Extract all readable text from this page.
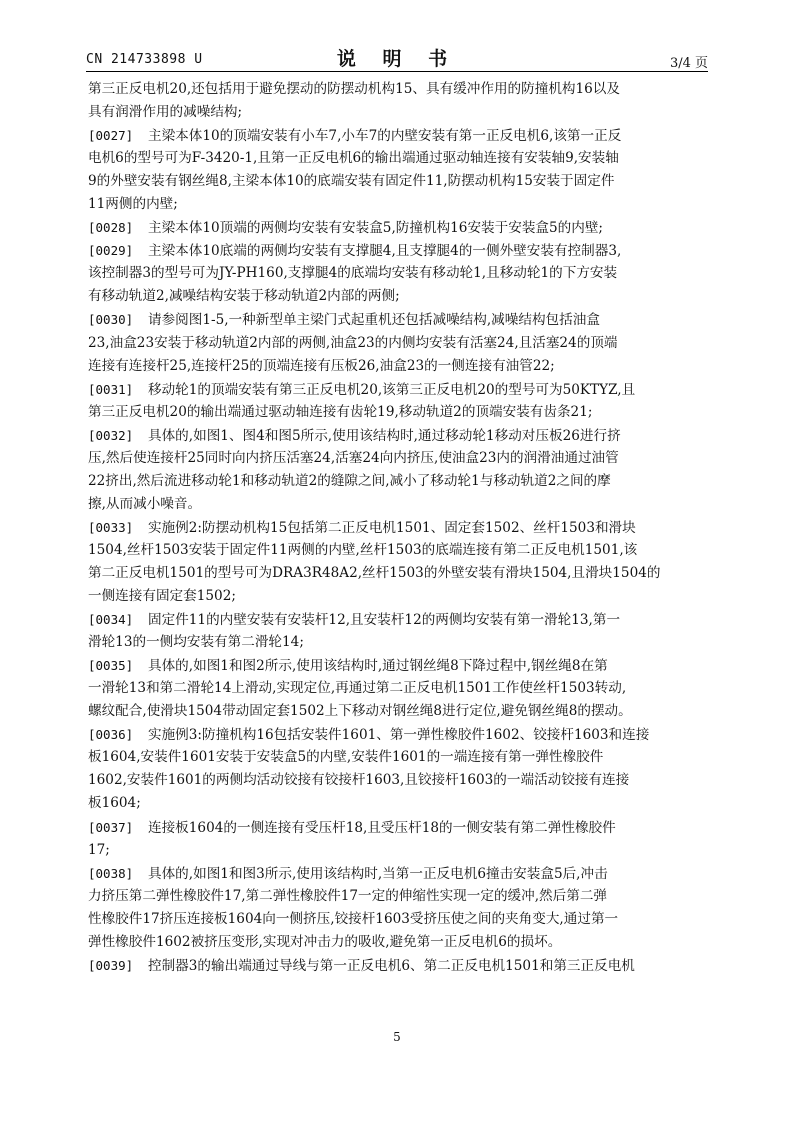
CN 214733898 U	说 明 书	3/4 页
第三正反电机20,还包括用于避免摆动的防摆动机构15、具有缓冲作用的防撞机构16以及
具有润滑作用的减噪结构;
[0027] 主梁本体10的顶端安装有小车7,小车7的内壁安装有第一正反电机6,该第一正反
电机6的型号可为F-3420-1,且第一正反电机6的输出端通过驱动轴连接有安装轴9,安装轴
9的外壁安装有钢丝绳8,主梁本体10的底端安装有固定件11,防摆动机构15安装于固定件
11两侧的内壁;
[0028] 主梁本体10顶端的两侧均安装有安装盒5,防撞机构16安装于安装盒5的内壁;
[0029] 主梁本体10底端的两侧均安装有支撑腿4,且支撑腿4的一侧外壁安装有控制器3,
该控制器3的型号可为JY-PH160,支撑腿4的底端均安装有移动轮1,且移动轮1的下方安装
有移动轨道2,减噪结构安装于移动轨道2内部的两侧;
[0030] 请参阅图1-5,一种新型单主梁门式起重机还包括减噪结构,减噪结构包括油盒
23,油盒23安装于移动轨道2内部的两侧,油盒23的内侧均安装有活塞24,且活塞24的顶端
连接有连接杆25,连接杆25的顶端连接有压板26,油盒23的一侧连接有油管22;
[0031] 移动轮1的顶端安装有第三正反电机20,该第三正反电机20的型号可为50KTYZ,且
第三正反电机20的输出端通过驱动轴连接有齿轮19,移动轨道2的顶端安装有齿条21;
[0032] 具体的,如图1、图4和图5所示,使用该结构时,通过移动轮1移动对压板26进行挤
压,然后使连接杆25同时向内挤压活塞24,活塞24向内挤压,使油盒23内的润滑油通过油管
22挤出,然后流进移动轮1和移动轨道2的缝隙之间,减小了移动轮1与移动轨道2之间的摩
擦,从而减小噪音。
[0033] 实施例2:防摆动机构15包括第二正反电机1501、固定套1502、丝杆1503和滑块
1504,丝杆1503安装于固定件11两侧的内壁,丝杆1503的底端连接有第二正反电机1501,该
第二正反电机1501的型号可为DRA3R48A2,丝杆1503的外壁安装有滑块1504,且滑块1504的
一侧连接有固定套1502;
[0034] 固定件11的内壁安装有安装杆12,且安装杆12的两侧均安装有第一滑轮13,第一
滑轮13的一侧均安装有第二滑轮14;
[0035] 具体的,如图1和图2所示,使用该结构时,通过钢丝绳8下降过程中,钢丝绳8在第
一滑轮13和第二滑轮14上滑动,实现定位,再通过第二正反电机1501工作使丝杆1503转动,
螺纹配合,使滑块1504带动固定套1502上下移动对钢丝绳8进行定位,避免钢丝绳8的摆动。
[0036] 实施例3:防撞机构16包括安装件1601、第一弹性橡胶件1602、铰接杆1603和连接
板1604,安装件1601安装于安装盒5的内壁,安装件1601的一端连接有第一弹性橡胶件
1602,安装件1601的两侧均活动铰接有铰接杆1603,且铰接杆1603的一端活动铰接有连接
板1604;
[0037] 连接板1604的一侧连接有受压杆18,且受压杆18的一侧安装有第二弹性橡胶件
17;
[0038] 具体的,如图1和图3所示,使用该结构时,当第一正反电机6撞击安装盒5后,冲击
力挤压第二弹性橡胶件17,第二弹性橡胶件17一定的伸缩性实现一定的缓冲,然后第二弹
性橡胶件17挤压连接板1604向一侧挤压,铰接杆1603受挤压使之间的夹角变大,通过第一
弹性橡胶件1602被挤压变形,实现对冲击力的吸收,避免第一正反电机6的损坏。
[0039] 控制器3的输出端通过导线与第一正反电机6、第二正反电机1501和第三正反电机
5
